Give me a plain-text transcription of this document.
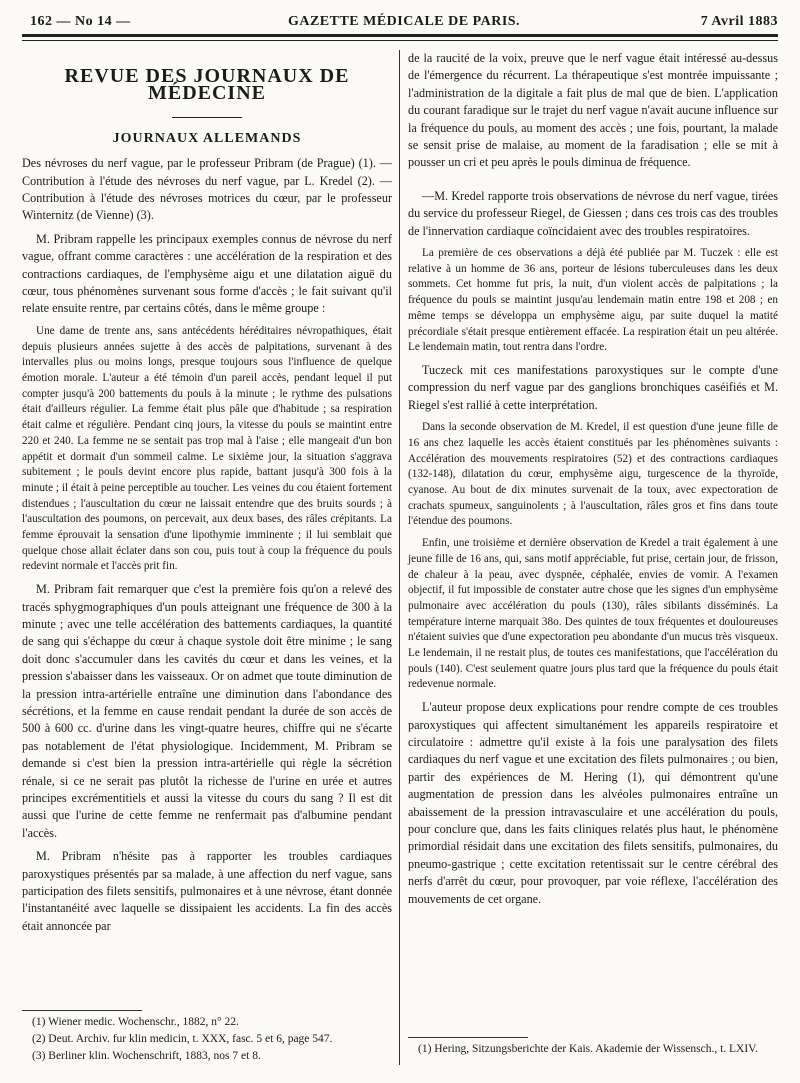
162 — No 14 —	GAZETTE MÉDICALE DE PARIS.	7 Avril 1883
REVUE DES JOURNAUX DE MÉDECINE
JOURNAUX ALLEMANDS

Des névroses du nerf vague, par le professeur Pribram (de Prague) (1). — Contribution à l'étude des névroses du nerf vague, par L. Kredel (2). — Contribution à l'étude des névroses motrices du cœur, par le professeur Winternitz (de Vienne) (3).

M. Pribram rappelle les principaux exemples connus de névrose du nerf vague, offrant comme caractères : une accélération de la respiration et des contractions cardiaques, de l'emphysème aigu et une dilatation aiguë du cœur, tous phénomènes survenant sous forme d'accès ; le fait suivant qu'il relate ensuite rentre, par certains côtés, dans le même groupe :

Une dame de trente ans, sans antécédents héréditaires névropathiques, était depuis plusieurs années sujette à des accès de palpitations, survenant à des intervalles plus ou moins longs, presque toujours sous l'influence de quelque émotion morale. L'auteur a été témoin d'un pareil accès, pendant lequel il put compter jusqu'à 200 battements du pouls à la minute ; le rythme des pulsations était d'ailleurs régulier. La femme était plus pâle que d'habitude ; sa respiration était calme et régulière. Pendant cinq jours, la vitesse du pouls se maintint entre 220 et 240. La femme ne se sentait pas trop mal à l'aise ; elle mangeait d'un bon appétit et dormait d'un sommeil calme. Le sixième jour, la situation s'aggrava subitement ; le pouls devint encore plus rapide, battant jusqu'à 300 fois à la minute ; il était à peine perceptible au toucher. Les veines du cou étaient fortement distendues ; l'auscultation du cœur ne laissait entendre que des bruits sourds ; à l'auscultation des poumons, on percevait, aux deux bases, des râles crépitants. La femme éprouvait la sensation d'une lipothymie imminente ; il lui semblait que quelque chose allait éclater dans son cou, puis tout à coup la fréquence du pouls redevint normale et l'accès prit fin.

M. Pribram fait remarquer que c'est la première fois qu'on a relevé des tracés sphygmographiques d'un pouls atteignant une fréquence de 300 à la minute ; avec une telle accélération des battements cardiaques, la quantité de sang qui s'échappe du cœur à chaque systole doit être minime ; le sang doit donc s'accumuler dans les cavités du cœur et dans les veines, et la pression s'abaisser dans les vaisseaux. Or on admet que toute diminution de la pression intra-artérielle entraîne une diminution dans l'abondance des sécrétions, et la femme en cause rendait pendant la durée de son accès de 500 à 600 cc. d'urine dans les vingt-quatre heures, chiffre qui ne s'écarte pas notablement de l'état physiologique. Incidemment, M. Pribram se demande si c'est bien la pression intra-artérielle qui règle la sécrétion rénale, si ce ne serait pas plutôt la richesse de l'urine en urée et autres principes excrémentitiels et aussi la vitesse du cours du sang ? Il est dit aussi que l'urine de cette femme ne renfermait pas d'albumine pendant l'accès.

M. Pribram n'hésite pas à rapporter les troubles cardiaques paroxystiques présentés par sa malade, à une affection du nerf vague, sans participation des filets sensitifs, pulmonaires et à une névrose, étant donnée l'instantanéité avec laquelle se dissipaient les accidents. La fin des accès était annoncée par

de la raucité de la voix, preuve que le nerf vague était intéressé au-dessus de l'émergence du récurrent. La thérapeutique s'est montrée impuissante ; l'administration de la digitale a fait plus de mal que de bien. L'application du courant faradique sur le trajet du nerf vague n'avait aucune influence sur la fréquence du pouls, au moment des accès ; une fois, pourtant, la malade se sensit prise de malaise, au moment de la faradisation ; elle se mit à pousser un cri et peu après le pouls diminua de fréquence.

—M. Kredel rapporte trois observations de névrose du nerf vague, tirées du service du professeur Riegel, de Giessen ; dans ces trois cas des troubles de l'innervation cardiaque coïncidaient avec des troubles respiratoires.

La première de ces observations a déjà été publiée par M. Tuczek : elle est relative à un homme de 36 ans, porteur de lésions tuberculeuses dans les deux sommets. Cet homme fut pris, la nuit, d'un violent accès de palpitations ; la fréquence du pouls se maintint jusqu'au lendemain matin entre 198 et 208 ; en même temps se développa un emphysème aigu, par suite duquel la matité précordiale s'était presque entièrement effacée. La respiration était un peu altérée. Le lendemain matin, tout rentra dans l'ordre.

Tuczeck mit ces manifestations paroxystiques sur le compte d'une compression du nerf vague par des ganglions bronchiques caséifiés et M. Riegel s'est rallié à cette interprétation.

Dans la seconde observation de M. Kredel, il est question d'une jeune fille de 16 ans chez laquelle les accès étaient constitués par les phénomènes suivants : Accélération des mouvements respiratoires (52) et des contractions cardiaques (132-148), dilatation du cœur, emphysème aigu, turgescence de la thyroïde, cyanose. Au bout de dix minutes survenait de la toux, avec expectoration de crachats spumeux, sanguinolents ; à l'auscultation, râles gros et fins dans toute l'étendue des poumons.

Enfin, une troisième et dernière observation de Kredel a trait également à une jeune fille de 16 ans, qui, sans motif appréciable, fut prise, certain jour, de frisson, de chaleur à la peau, avec dyspnée, céphalée, envies de vomir. A l'examen objectif, il fut impossible de constater autre chose que les signes d'un emphysème pulmonaire avec accélération du pouls (130), râles sibilants disséminés. La température interne marquait 38o. Des quintes de toux fréquentes et douloureuses n'étaient suivies que d'une expectoration peu abondante d'un mucus très visqueux. Le lendemain, il ne restait plus, de toutes ces manifestations, que l'accélération du pouls (140). C'est seulement quatre jours plus tard que la fréquence du pouls était redevenue normale.

L'auteur propose deux explications pour rendre compte de ces troubles paroxystiques qui affectent simultanément les appareils respiratoire et circulatoire : admettre qu'il existe à la fois une paralysation des filets cardiaques du nerf vague et une excitation des filets pulmonaires ; ou bien, partir des expériences de M. Hering (1), qui démontrent qu'une augmentation de pression dans les alvéoles pulmonaires entraîne un abaissement de la pression intravasculaire et une accélération du pouls, pour conclure que, dans les faits cliniques relatés plus haut, le phénomène primordial résidait dans une excitation des filets sensitifs, pulmonaires, du pneumo-gastrique ; cette excitation retentissait sur le centre cérébral des nerfs d'arrêt du cœur, pour provoquer, par voie réflexe, l'accélération des mouvements de cet organe.

(1) Wiener medic. Wochenschr., 1882, n° 22.
(2) Deut. Archiv. fur klin medicin, t. XXX, fasc. 5 et 6, page 547.
(3) Berliner klin. Wochenschrift, 1883, nos 7 et 8.
(1) Hering, Sitzungsberichte der Kais. Akademie der Wissensch., t. LXIV.
